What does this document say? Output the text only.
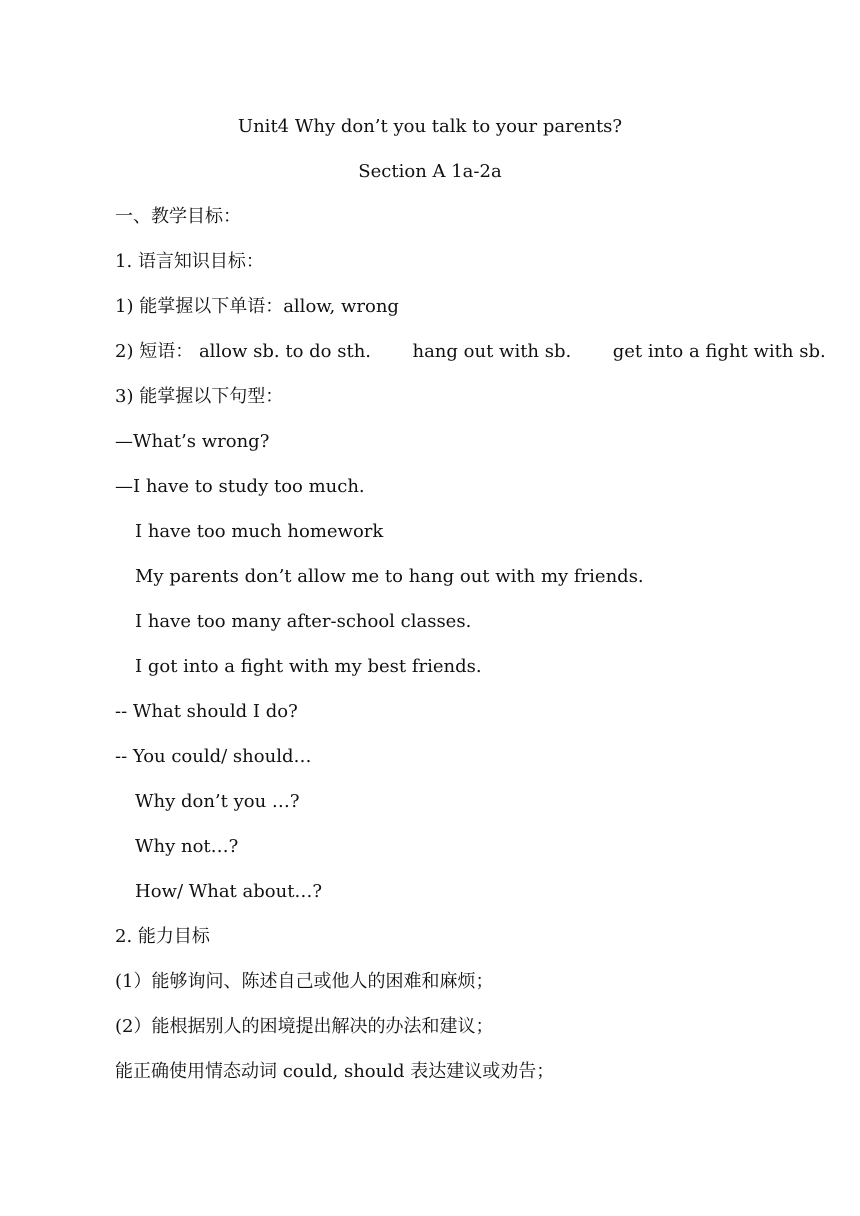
Unit4 Why don’t you talk to your parents?
Section A 1a-2a
一、教学目标：
1. 语言知识目标：
1) 能掌握以下单语：allow, wrong
2) 短语： allow sb. to do sth. hang out with sb. get into a fight with sb.
3) 能掌握以下句型：
—What’s wrong?
—I have to study too much.
I have too much homework
My parents don’t allow me to hang out with my friends.
I have too many after-school classes.
I got into a fight with my best friends.
-- What should I do?
-- You could/ should…
Why don’t you …?
Why not…?
How/ What about…?
2. 能力目标
(1）能够询问、陈述自己或他人的困难和麻烦；
(2）能根据别人的困境提出解决的办法和建议；
能正确使用情态动词 could, should 表达建议或劝告；
